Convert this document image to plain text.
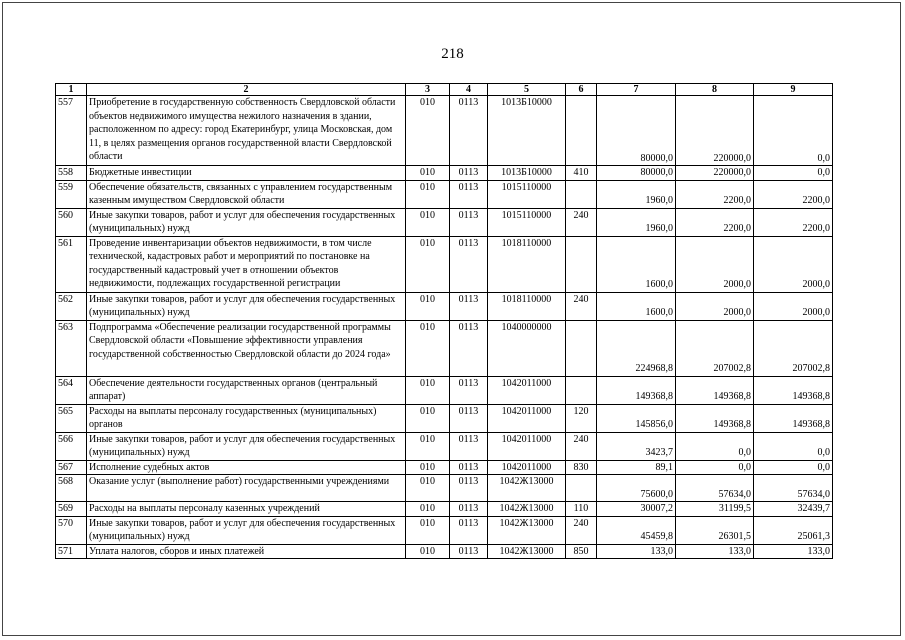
218
1	2	3	4	5	6	7	8	9
557	Приобретение в государственную собственность Свердловской области объектов недвижимого имущества нежилого назначения в здании, расположенном по адресу: город Екатеринбург, улица Московская, дом 11, в целях размещения органов государственной власти Свердловской области	010	0113	1013Б10000		80000,0	220000,0	0,0
558	Бюджетные инвестиции	010	0113	1013Б10000	410	80000,0	220000,0	0,0
559	Обеспечение обязательств, связанных с управлением государственным казенным имуществом Свердловской области	010	0113	1015110000		1960,0	2200,0	2200,0
560	Иные закупки товаров, работ и услуг для обеспечения государственных (муниципальных) нужд	010	0113	1015110000	240	1960,0	2200,0	2200,0
561	Проведение инвентаризации объектов недвижимости, в том числе технической, кадастровых работ и мероприятий по постановке на государственный кадастровый учет в отношении объектов недвижимости, подлежащих государственной регистрации	010	0113	1018110000		1600,0	2000,0	2000,0
562	Иные закупки товаров, работ и услуг для обеспечения государственных (муниципальных) нужд	010	0113	1018110000	240	1600,0	2000,0	2000,0
563	Подпрограмма «Обеспечение реализации государственной программы Свердловской области «Повышение эффективности управления государственной собственностью Свердловской области до 2024 года»	010	0113	1040000000		224968,8	207002,8	207002,8
564	Обеспечение деятельности государственных органов (центральный аппарат)	010	0113	1042011000		149368,8	149368,8	149368,8
565	Расходы на выплаты персоналу государственных (муниципальных) органов	010	0113	1042011000	120	145856,0	149368,8	149368,8
566	Иные закупки товаров, работ и услуг для обеспечения государственных (муниципальных) нужд	010	0113	1042011000	240	3423,7	0,0	0,0
567	Исполнение судебных актов	010	0113	1042011000	830	89,1	0,0	0,0
568	Оказание услуг (выполнение работ) государственными учреждениями	010	0113	1042Ж13000		75600,0	57634,0	57634,0
569	Расходы на выплаты персоналу казенных учреждений	010	0113	1042Ж13000	110	30007,2	31199,5	32439,7
570	Иные закупки товаров, работ и услуг для обеспечения государственных (муниципальных) нужд	010	0113	1042Ж13000	240	45459,8	26301,5	25061,3
571	Уплата налогов, сборов и иных платежей	010	0113	1042Ж13000	850	133,0	133,0	133,0
